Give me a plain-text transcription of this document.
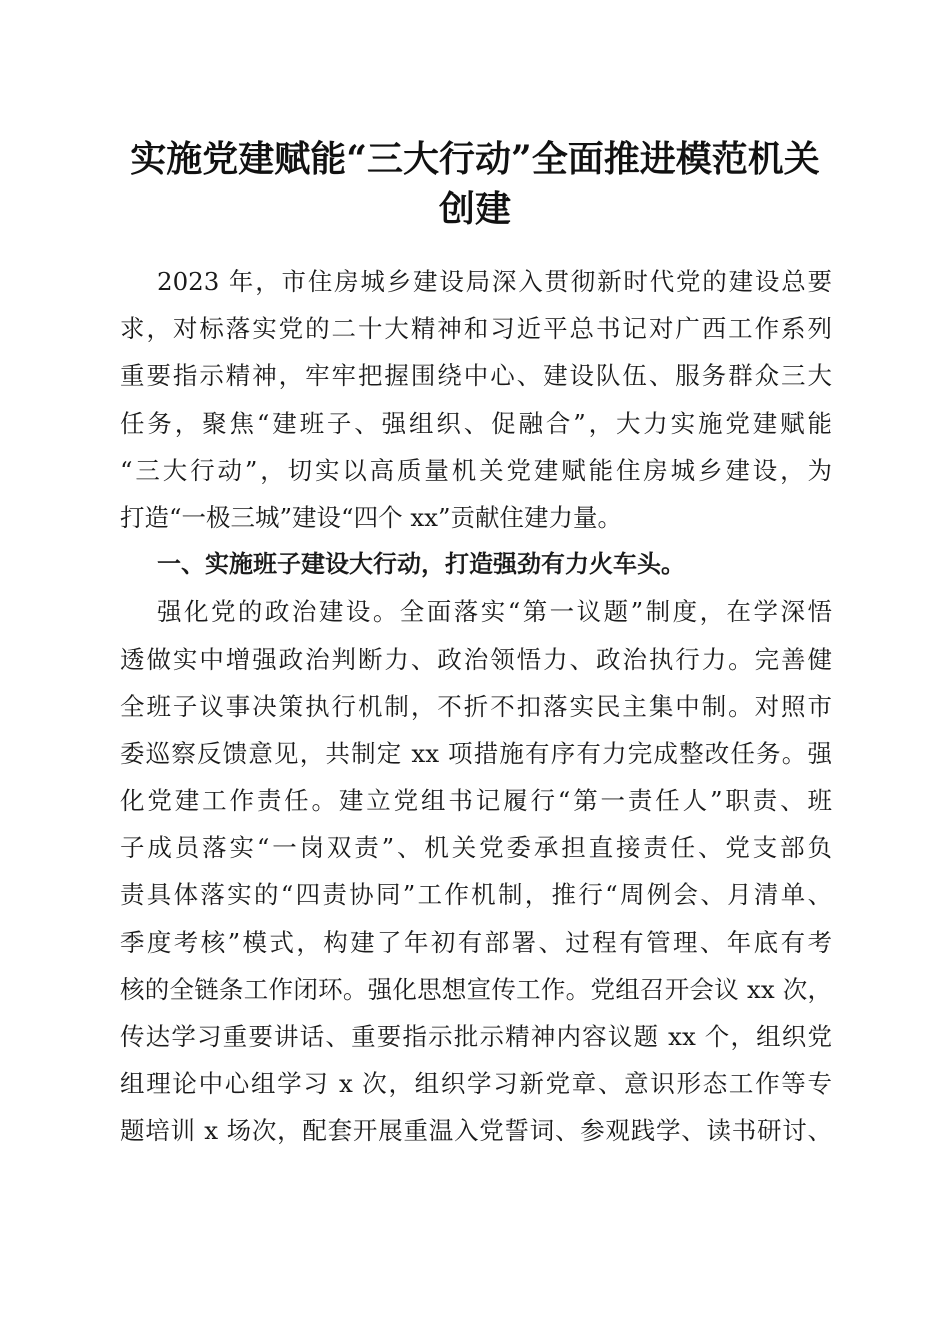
实施党建赋能“三大行动”全面推进模范机关
创建
2023 年，市住房城乡建设局深入贯彻新时代党的建设总要
求，对标落实党的二十大精神和习近平总书记对广西工作系列
重要指示精神，牢牢把握围绕中心、建设队伍、服务群众三大
任务，聚焦“建班子、强组织、促融合”，大力实施党建赋能
“三大行动”，切实以高质量机关党建赋能住房城乡建设，为
打造“一极三城”建设“四个 xx”贡献住建力量。
一、实施班子建设大行动，打造强劲有力火车头。
强化党的政治建设。全面落实“第一议题”制度，在学深悟
透做实中增强政治判断力、政治领悟力、政治执行力。完善健
全班子议事决策执行机制，不折不扣落实民主集中制。对照市
委巡察反馈意见，共制定 xx 项措施有序有力完成整改任务。强
化党建工作责任。建立党组书记履行“第一责任人”职责、班
子成员落实“一岗双责”、机关党委承担直接责任、党支部负
责具体落实的“四责协同”工作机制，推行“周例会、月清单、
季度考核”模式，构建了年初有部署、过程有管理、年底有考
核的全链条工作闭环。强化思想宣传工作。党组召开会议 xx 次，
传达学习重要讲话、重要指示批示精神内容议题 xx 个，组织党
组理论中心组学习 x 次，组织学习新党章、意识形态工作等专
题培训 x 场次，配套开展重温入党誓词、参观践学、读书研讨、
